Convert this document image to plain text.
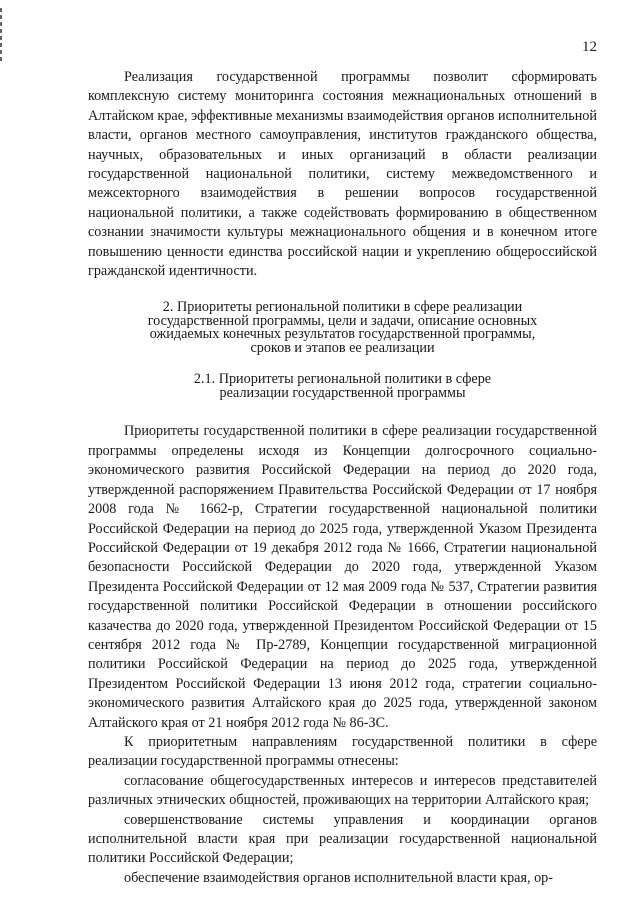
12

Реализация государственной программы позволит сформировать комплексную систему мониторинга состояния межнациональных отношений в Алтайском крае, эффективные механизмы взаимодействия органов исполнительной власти, органов местного самоуправления, институтов гражданского общества, научных, образовательных и иных организаций в области реализации государственной национальной политики, систему межведомственного и межсекторного взаимодействия в решении вопросов государственной национальной политики, а также содействовать формированию в общественном сознании значимости культуры межнационального общения и в конечном итоге повышению ценности единства российской нации и укреплению общероссийской гражданской идентичности.

2. Приоритеты региональной политики в сфере реализации
государственной программы, цели и задачи, описание основных
ожидаемых конечных результатов государственной программы,
сроков и этапов ее реализации
2.1. Приоритеты региональной политики в сфере
реализации государственной программы

Приоритеты государственной политики в сфере реализации государственной программы определены исходя из Концепции долгосрочного социально-экономического развития Российской Федерации на период до 2020 года, утвержденной распоряжением Правительства Российской Федерации от 17 ноября 2008 года № 1662-р, Стратегии государственной национальной политики Российской Федерации на период до 2025 года, утвержденной Указом Президента Российской Федерации от 19 декабря 2012 года № 1666, Стратегии национальной безопасности Российской Федерации до 2020 года, утвержденной Указом Президента Российской Федерации от 12 мая 2009 года № 537, Стратегии развития государственной политики Российской Федерации в отношении российского казачества до 2020 года, утвержденной Президентом Российской Федерации от 15 сентября 2012 года № Пр-2789, Концепции государственной миграционной политики Российской Федерации на период до 2025 года, утвержденной Президентом Российской Федерации 13 июня 2012 года, стратегии социально-экономического развития Алтайского края до 2025 года, утвержденной законом Алтайского края от 21 ноября 2012 года № 86-ЗС.

К приоритетным направлениям государственной политики в сфере реализации государственной программы отнесены:

согласование общегосударственных интересов и интересов представителей различных этнических общностей, проживающих на территории Алтайского края;

совершенствование системы управления и координации органов исполнительной власти края при реализации государственной национальной политики Российской Федерации;

обеспечение взаимодействия органов исполнительной власти края, ор-
